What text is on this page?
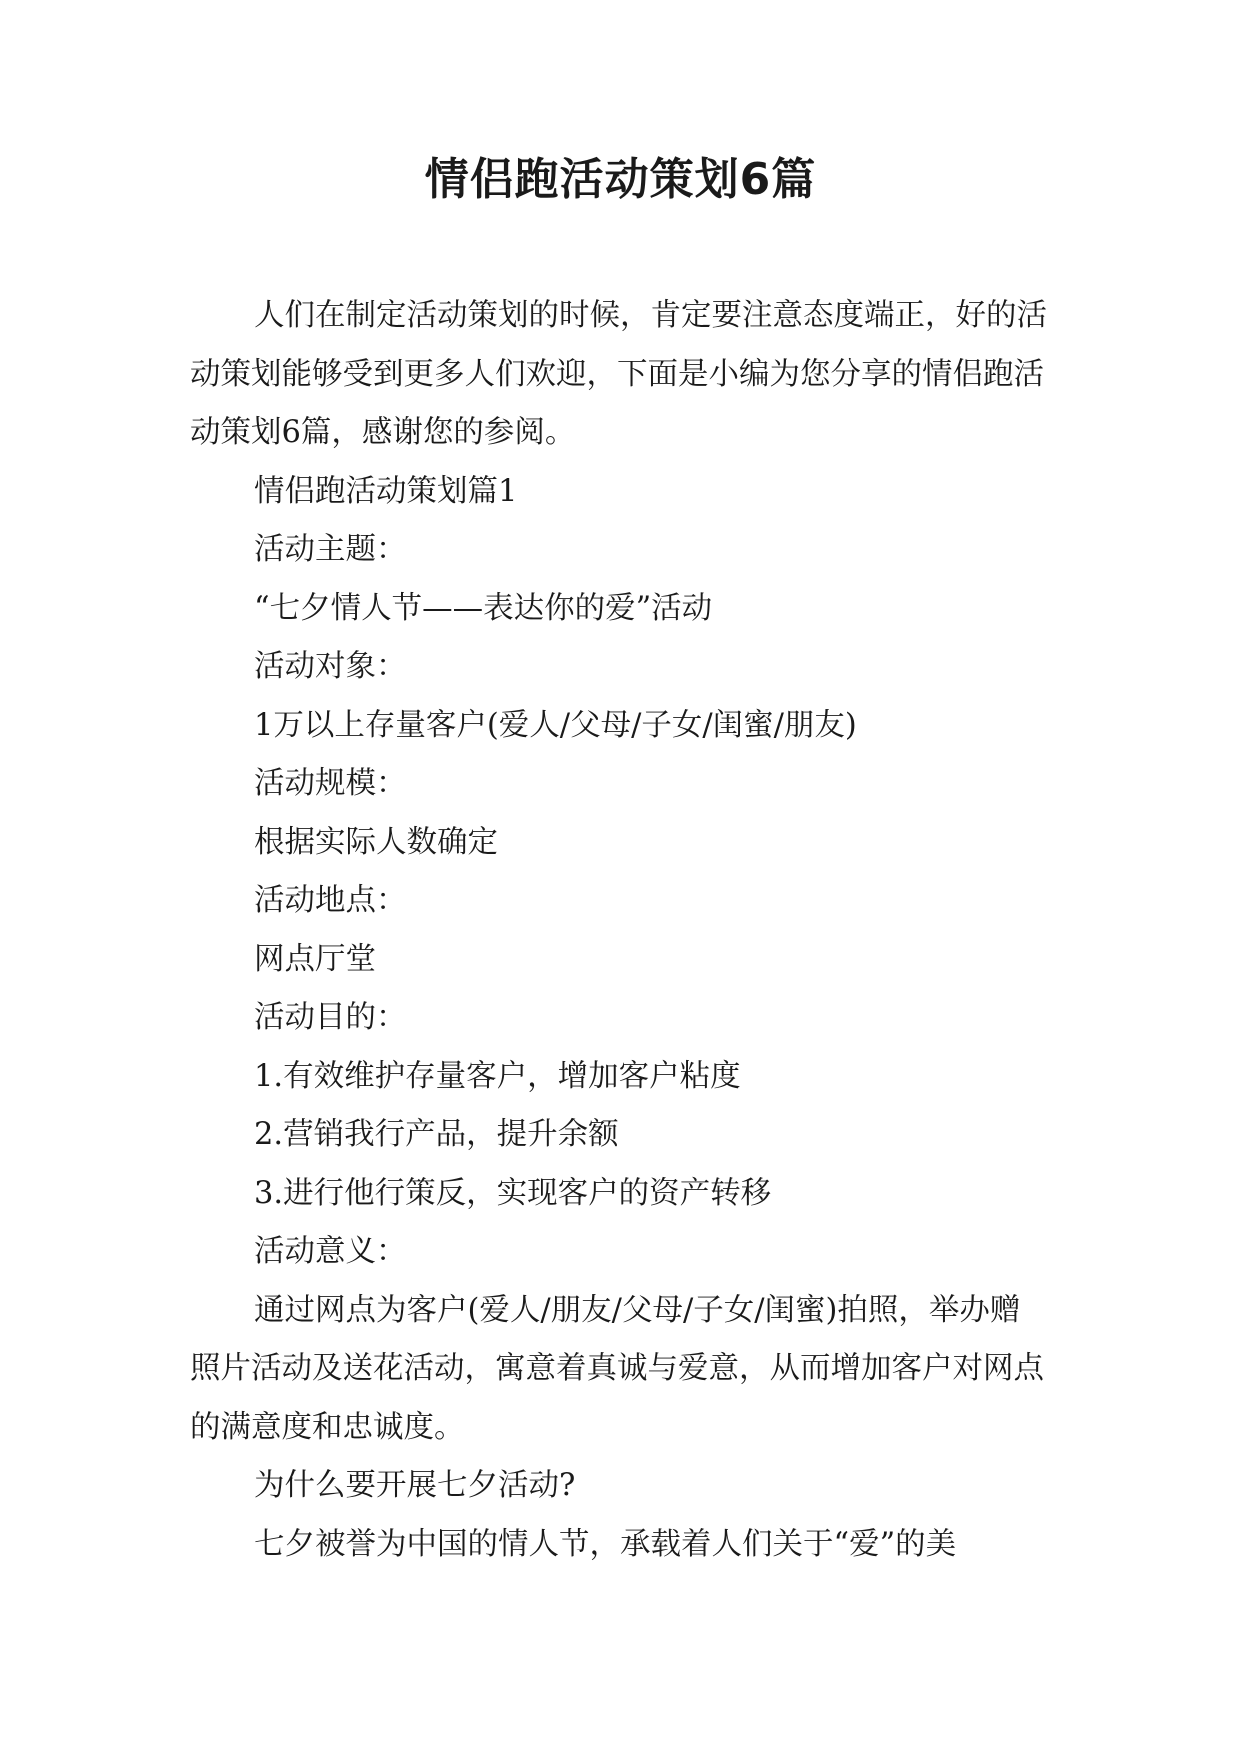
情侣跑活动策划6篇

人们在制定活动策划的时候，肯定要注意态度端正，好的活动策划能够受到更多人们欢迎，下面是小编为您分享的情侣跑活动策划6篇，感谢您的参阅。

情侣跑活动策划篇1

活动主题：

“七夕情人节——表达你的爱”活动

活动对象：

1万以上存量客户(爱人/父母/子女/闺蜜/朋友)

活动规模：

根据实际人数确定

活动地点：

网点厅堂

活动目的：

1.有效维护存量客户，增加客户粘度

2.营销我行产品，提升余额

3.进行他行策反，实现客户的资产转移

活动意义：

通过网点为客户(爱人/朋友/父母/子女/闺蜜)拍照，举办赠照片活动及送花活动，寓意着真诚与爱意，从而增加客户对网点的满意度和忠诚度。

为什么要开展七夕活动?

七夕被誉为中国的情人节，承载着人们关于“爱”的美
